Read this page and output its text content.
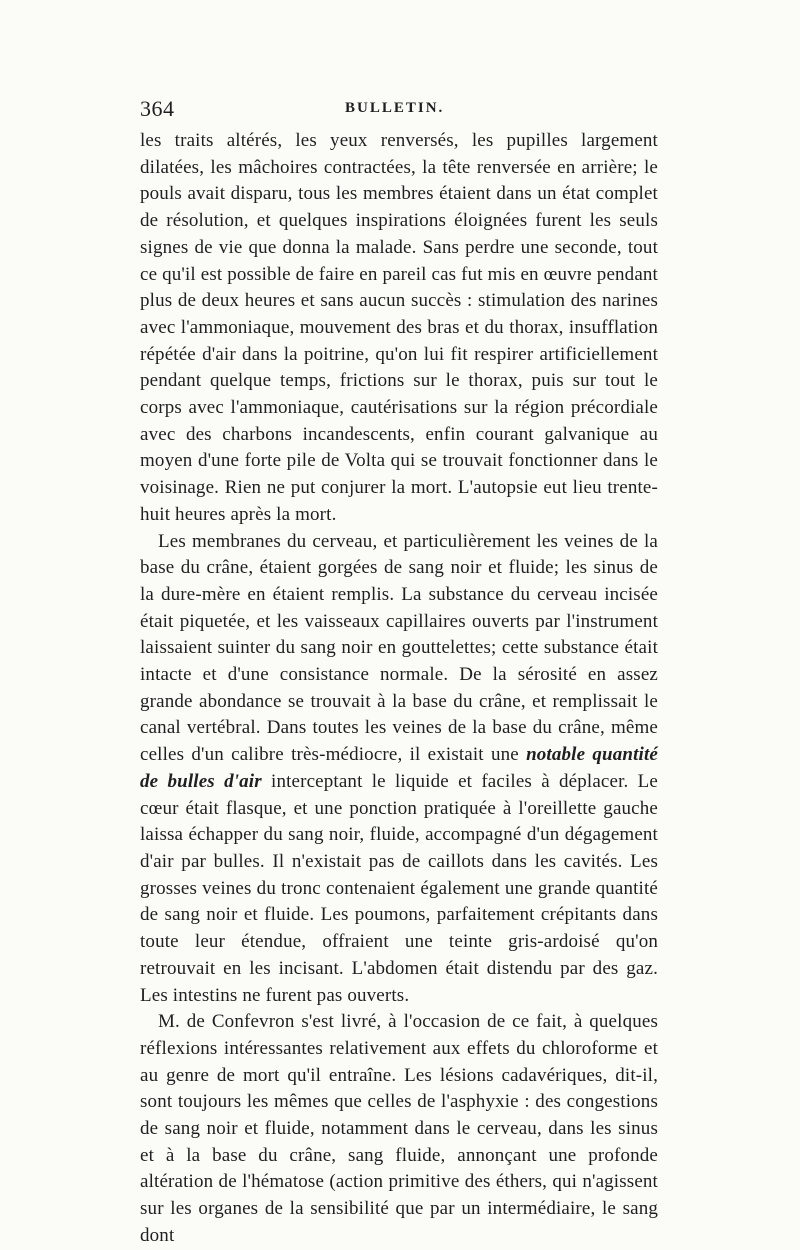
364	BULLETIN.

les traits altérés, les yeux renversés, les pupilles largement dilatées, les mâchoires contractées, la tête renversée en arrière; le pouls avait disparu, tous les membres étaient dans un état complet de résolution, et quelques inspirations éloignées furent les seuls signes de vie que donna la malade. Sans perdre une seconde, tout ce qu'il est possible de faire en pareil cas fut mis en œuvre pendant plus de deux heures et sans aucun succès : stimulation des narines avec l'ammoniaque, mouvement des bras et du thorax, insufflation répétée d'air dans la poitrine, qu'on lui fit respirer artificiellement pendant quelque temps, frictions sur le thorax, puis sur tout le corps avec l'ammoniaque, cautérisations sur la région précordiale avec des charbons incandescents, enfin courant galvanique au moyen d'une forte pile de Volta qui se trouvait fonctionner dans le voisinage. Rien ne put conjurer la mort. L'autopsie eut lieu trente-huit heures après la mort.

Les membranes du cerveau, et particulièrement les veines de la base du crâne, étaient gorgées de sang noir et fluide; les sinus de la dure-mère en étaient remplis. La substance du cerveau incisée était piquetée, et les vaisseaux capillaires ouverts par l'instrument laissaient suinter du sang noir en gouttelettes; cette substance était intacte et d'une consistance normale. De la sérosité en assez grande abondance se trouvait à la base du crâne, et remplissait le canal vertébral. Dans toutes les veines de la base du crâne, même celles d'un calibre très-médiocre, il existait une notable quantité de bulles d'air interceptant le liquide et faciles à déplacer. Le cœur était flasque, et une ponction pratiquée à l'oreillette gauche laissa échapper du sang noir, fluide, accompagné d'un dégagement d'air par bulles. Il n'existait pas de caillots dans les cavités. Les grosses veines du tronc contenaient également une grande quantité de sang noir et fluide. Les poumons, parfaitement crépitants dans toute leur étendue, offraient une teinte gris-ardoisé qu'on retrouvait en les incisant. L'abdomen était distendu par des gaz. Les intestins ne furent pas ouverts.

M. de Confevron s'est livré, à l'occasion de ce fait, à quelques réflexions intéressantes relativement aux effets du chloroforme et au genre de mort qu'il entraîne. Les lésions cadavériques, dit-il, sont toujours les mêmes que celles de l'asphyxie : des congestions de sang noir et fluide, notamment dans le cerveau, dans les sinus et à la base du crâne, sang fluide, annonçant une profonde altération de l'hématose (action primitive des éthers, qui n'agissent sur les organes de la sensibilité que par un intermédiaire, le sang dont
